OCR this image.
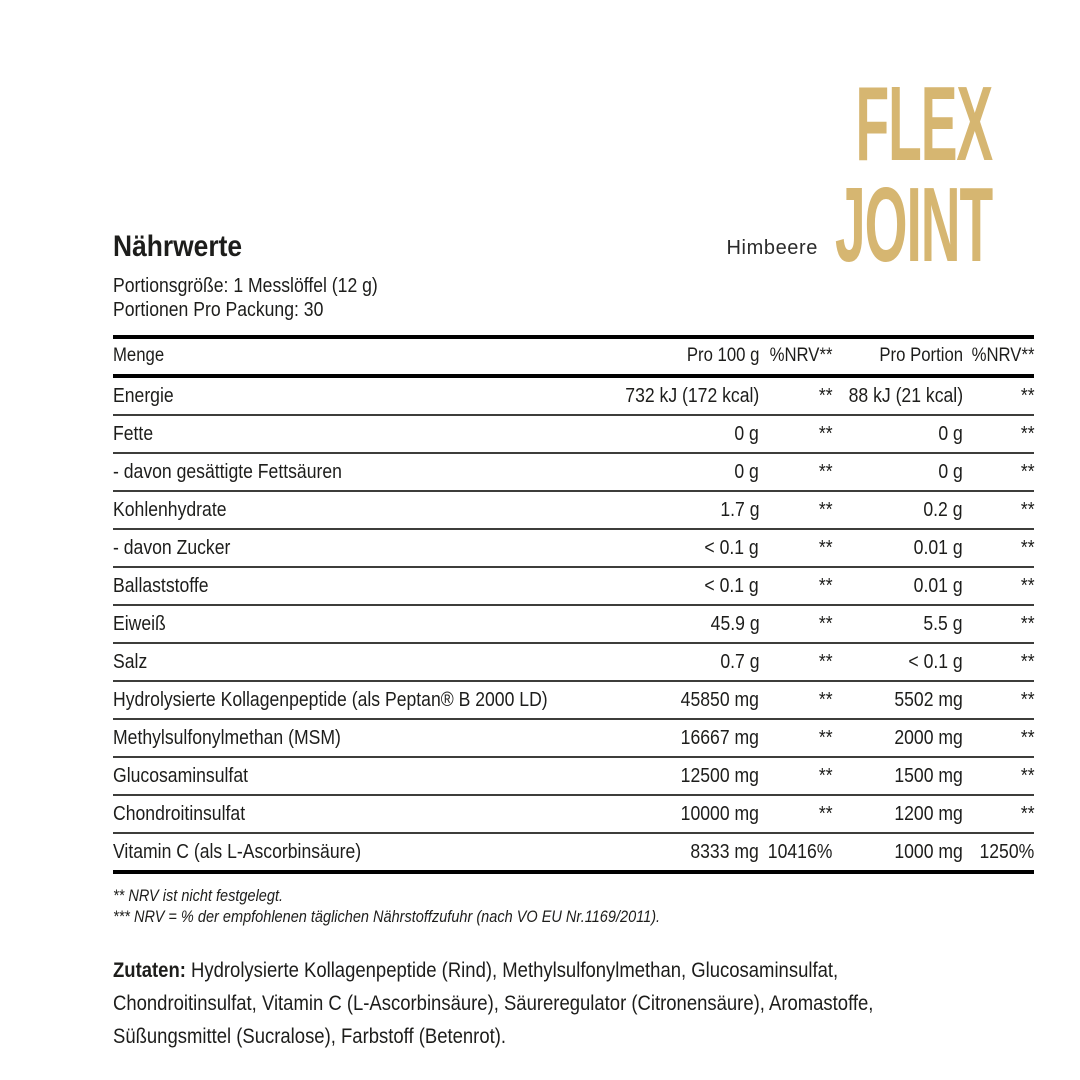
FLEX
JOINT
Himbeere
Nährwerte
Portionsgröße: 1 Messlöffel (12 g)
Portionen Pro Packung: 30
Menge	Pro 100 g	%NRV**	Pro Portion	%NRV**
Energie	732 kJ (172 kcal)	**	88 kJ (21 kcal)	**
Fette	0 g	**	0 g	**
- davon gesättigte Fettsäuren	0 g	**	0 g	**
Kohlenhydrate	1.7 g	**	0.2 g	**
- davon Zucker	< 0.1 g	**	0.01 g	**
Ballaststoffe	< 0.1 g	**	0.01 g	**
Eiweiß	45.9 g	**	5.5 g	**
Salz	0.7 g	**	< 0.1 g	**
Hydrolysierte Kollagenpeptide (als Peptan® B 2000 LD)	45850 mg	**	5502 mg	**
Methylsulfonylmethan (MSM)	16667 mg	**	2000 mg	**
Glucosaminsulfat	12500 mg	**	1500 mg	**
Chondroitinsulfat	10000 mg	**	1200 mg	**
Vitamin C (als L-Ascorbinsäure)	8333 mg	10416%	1000 mg	1250%
** NRV ist nicht festgelegt.
*** NRV = % der empfohlenen täglichen Nährstoffzufuhr (nach VO EU Nr.1169/2011).

Zutaten: Hydrolysierte Kollagenpeptide (Rind), Methylsulfonylmethan, Glucosaminsulfat, Chondroitinsulfat, Vitamin C (L-Ascorbinsäure), Säureregulator (Citronensäure), Aromastoffe, Süßungsmittel (Sucralose), Farbstoff (Betenrot).
